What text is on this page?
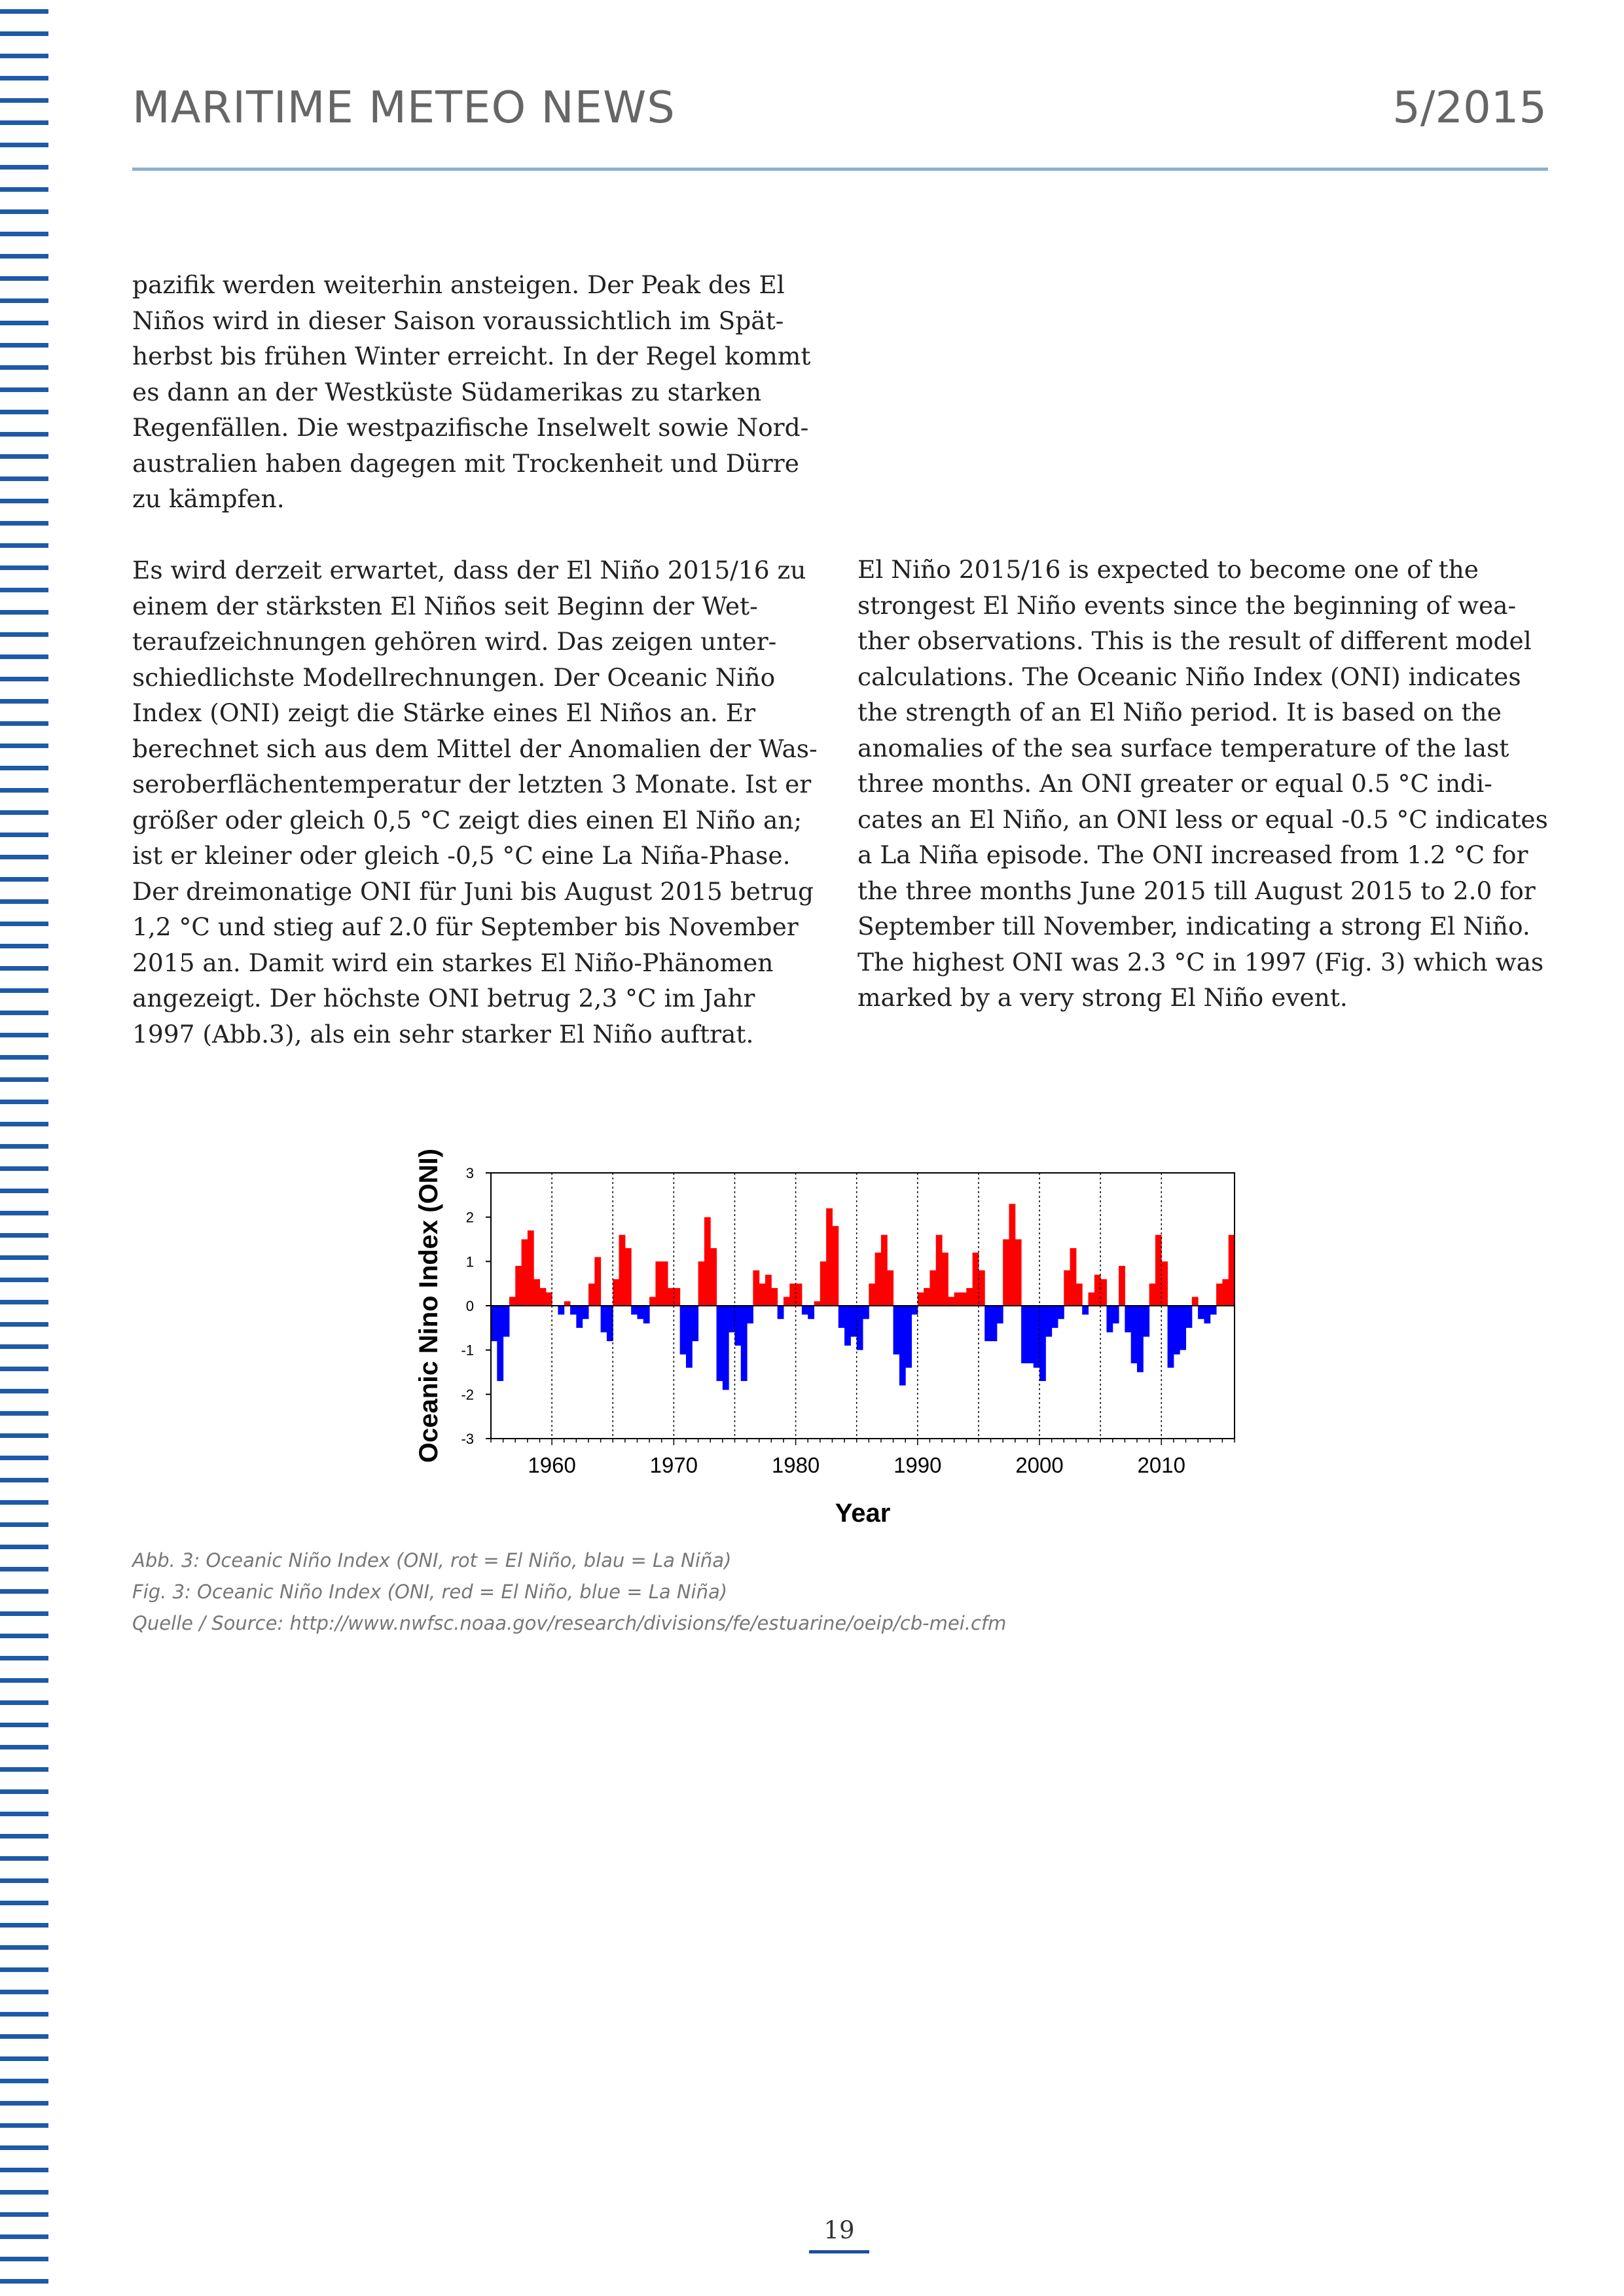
MARITIME METEO NEWS	5/2015

pazifik werden weiterhin ansteigen. Der Peak des El
Niños wird in dieser Saison voraussichtlich im Spät-
herbst bis frühen Winter erreicht. In der Regel kommt
es dann an der Westküste Südamerikas zu starken
Regenfällen. Die westpazifische Inselwelt sowie Nord-
australien haben dagegen mit Trockenheit und Dürre
zu kämpfen.

Es wird derzeit erwartet, dass der El Niño 2015/16 zu
einem der stärksten El Niños seit Beginn der Wet-
teraufzeichnungen gehören wird. Das zeigen unter-
schiedlichste Modellrechnungen. Der Oceanic Niño
Index (ONI) zeigt die Stärke eines El Niños an. Er
berechnet sich aus dem Mittel der Anomalien der Was-
seroberflächentemperatur der letzten 3 Monate. Ist er
größer oder gleich 0,5 °C zeigt dies einen El Niño an;
ist er kleiner oder gleich -0,5 °C eine La Niña-Phase.
Der dreimonatige ONI für Juni bis August 2015 betrug
1,2 °C und stieg auf 2.0 für September bis November
2015 an. Damit wird ein starkes El Niño-Phänomen
angezeigt. Der höchste ONI betrug 2,3 °C im Jahr
1997 (Abb.3), als ein sehr starker El Niño auftrat.

El Niño 2015/16 is expected to become one of the
strongest El Niño events since the beginning of wea-
ther observations. This is the result of different model
calculations. The Oceanic Niño Index (ONI) indicates
the strength of an El Niño period. It is based on the
anomalies of the sea surface temperature of the last
three months. An ONI greater or equal 0.5 °C indi-
cates an El Niño, an ONI less or equal -0.5 °C indicates
a La Niña episode. The ONI increased from 1.2 °C for
the three months June 2015 till August 2015 to 2.0 for
September till November, indicating a strong El Niño.
The highest ONI was 2.3 °C in 1997 (Fig. 3) which was
marked by a very strong El Niño event.

3
2
1
0
-1
-2
-3
1960	1970	1980	1990	2000	2010
Oceanic Nino Index (ONI)
Year
Abb. 3: Oceanic Niño Index (ONI, rot = El Niño, blau = La Niña)
Fig. 3: Oceanic Niño Index (ONI, red = El Niño, blue = La Niña)
Quelle / Source: http://www.nwfsc.noaa.gov/research/divisions/fe/estuarine/oeip/cb-mei.cfm
19
